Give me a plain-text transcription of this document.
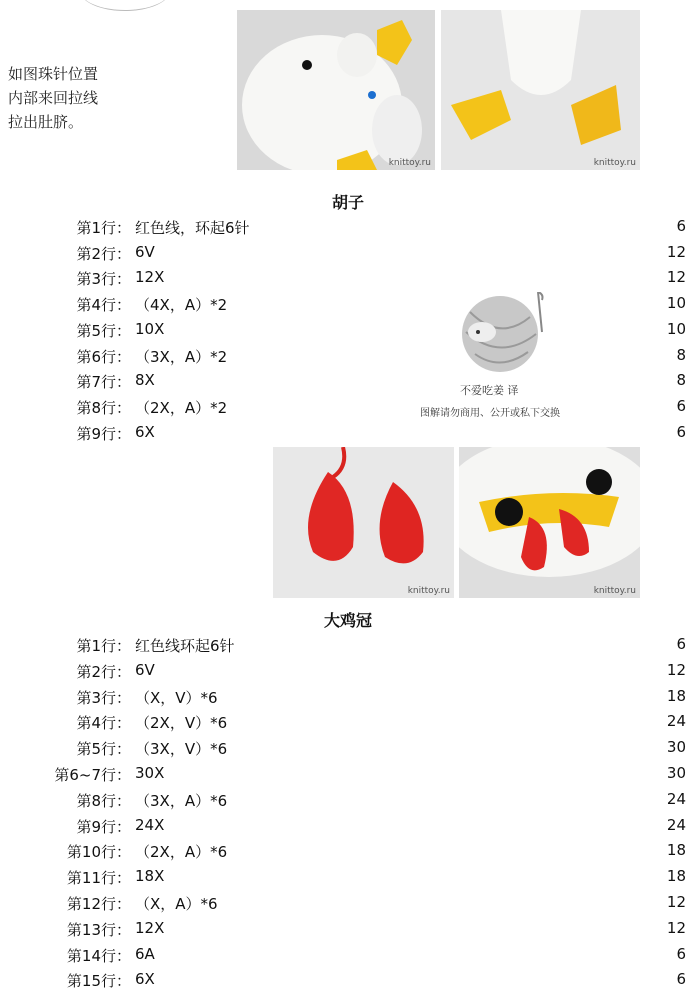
如图珠针位置
内部来回拉线
拉出肚脐。
knittoy.ru	knittoy.ru
胡子
第1行： 红色线，环起6针	6
第2行： 6V	12
第3行： 12X	12
第4行： （4X，A）*2	10
第5行： 10X	10
第6行： （3X，A）*2	8
第7行： 8X	8
第8行： （2X，A）*2	6
第9行： 6X	6
不爱吃姜 译
图解请勿商用、公开或私下交换
knittoy.ru	knittoy.ru
大鸡冠
第1行： 红色线环起6针	6
第2行： 6V	12
第3行： （X，V）*6	18
第4行： （2X，V）*6	24
第5行： （3X，V）*6	30
第6~7行： 30X	30
第8行： （3X，A）*6	24
第9行： 24X	24
第10行： （2X，A）*6	18
第11行： 18X	18
第12行： （X，A）*6	12
第13行： 12X	12
第14行： 6A	6
第15行： 6X	6
